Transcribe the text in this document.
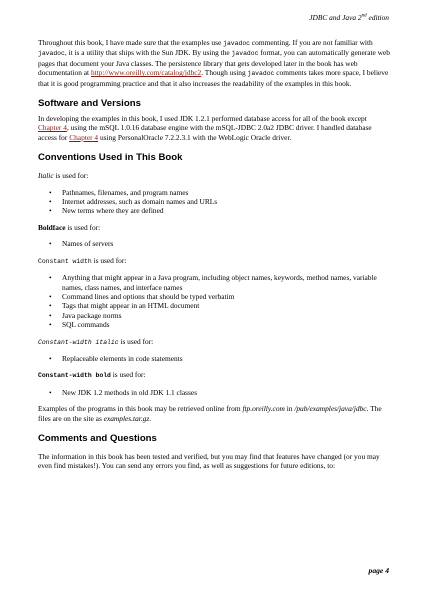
JDBC and Java 2nd edition

Throughout this book, I have made sure that the examples use javadoc commenting. If you are not familiar with javadoc, it is a utility that ships with the Sun JDK. By using the javadoc format, you can automatically generate web pages that document your Java classes. The persistence library that gets developed later in the book has web documentation at http://www.oreilly.com/catalog/jdbc2. Though using javadoc comments takes more space, I believe that it is good programming practice and that it also increases the readability of the examples in this book.

Software and Versions

In developing the examples in this book, I used JDK 1.2.1 performed database access for all of the book except Chapter 4, using the mSQL 1.0.16 database engine with the mSQL-JDBC 2.0a2 JDBC driver. I handled database access for Chapter 4 using PersonalOracle 7.2.2.3.1 with the WebLogic Oracle driver.

Conventions Used in This Book

Italic is used for:

• Pathnames, filenames, and program names
• Internet addresses, such as domain names and URLs
• New terms where they are defined

Boldface is used for:

• Names of servers

Constant width is used for:

• Anything that might appear in a Java program, including object names, keywords, method names, variable names, class names, and interface names
• Command lines and options that should be typed verbatim
• Tags that might appear in an HTML document
• Java package norms
• SQL commands

Constant-width italic is used for:

• Replaceable elements in code statements

Constant-width bold is used for:

• New JDK 1.2 methods in old JDK 1.1 classes

Examples of the programs in this book may be retrieved online from ftp.oreilly.com in /pub/examples/java/jdbc. The files are on the site as examples.tar.gz.

Comments and Questions

The information in this book has been tested and verified, but you may find that features have changed (or you may even find mistakes!). You can send any errors you find, as well as suggestions for future editions, to:

page 4
